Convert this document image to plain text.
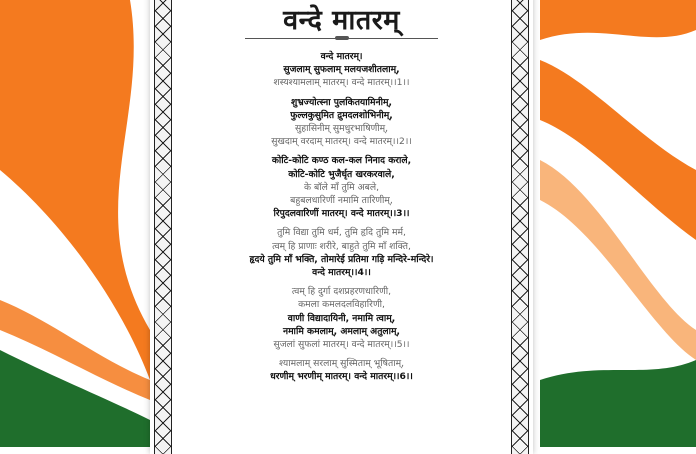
वन्दे मातरम्
वन्दे मातरम्।
सुजलाम् सुफलाम् मलयजशीतलाम्,
शस्यश्यामलाम् मातरम्। वन्दे मातरम्।।1।।
शुभ्रज्योत्स्ना पुलकितयामिनीम्,
फुल्लकुसुमित द्रुमदलशोभिनीम्,
सुहासिनीम् सुमधुरभाषिणीम्,
सुखदाम् वरदाम् मातरम्। वन्दे मातरम्।।2।।
कोटि-कोटि कण्ठ कल-कल निनाद कराले,
कोटि-कोटि भुजैर्धृत खरकरवाले,
के बॉले माँ तुमि अबले,
बहुबलधारिणीं नमामि तारिणीम्,
रिपुदलवारिणीं मातरम्। वन्दे मातरम्।।3।।
तुमि विद्या तुमि धर्म, तुमि हृदि तुमि मर्म,
त्वम् हि प्राणाः शरीरे, बाहुते तुमि माँ शक्ति,
हृदये तुमि माँ भक्ति, तोमारेई प्रतिमा गड़ि मन्दिरे-मन्दिरे।
वन्दे मातरम्।।4।।
त्वम् हि दुर्गा दशप्रहरणधारिणी,
कमला कमलदलविहारिणी,
वाणी विद्यादायिनी, नमामि त्वाम्,
नमामि कमलाम्, अमलाम् अतुलाम्,
सुजलां सुफलां मातरम्। वन्दे मातरम्।।5।।
श्यामलाम् सरलाम् सुस्मिताम् भूषिताम्,
धरणीम् भरणीम् मातरम्। वन्दे मातरम्।।6।।
